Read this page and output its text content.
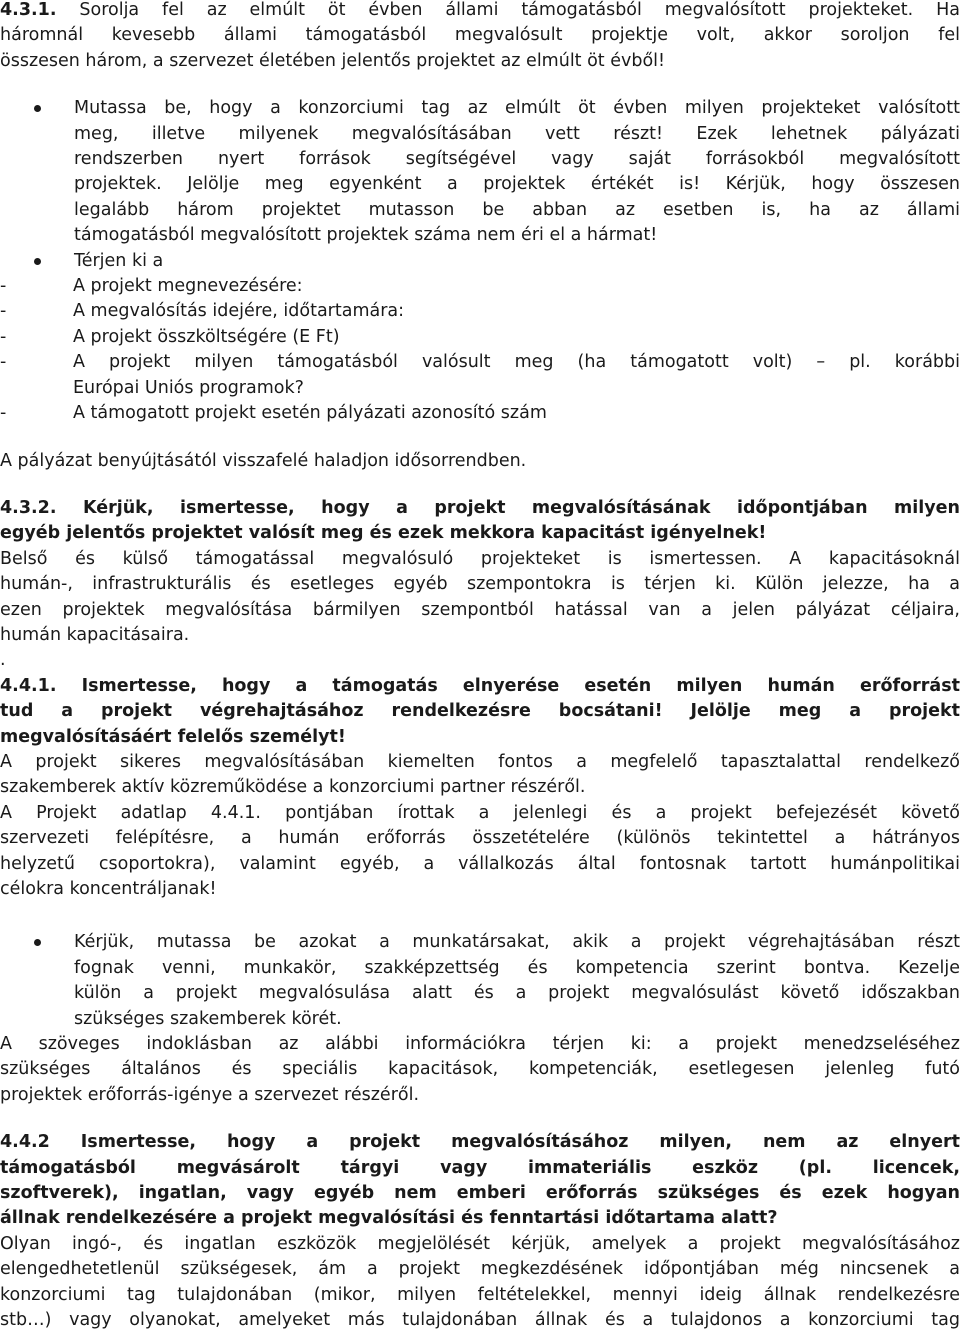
4.3.1. Sorolja fel az elmúlt öt évben állami támogatásból megvalósított projekteket. Ha

háromnál kevesebb állami támogatásból megvalósult projektje volt, akkor soroljon fel

összesen három, a szervezet életében jelentős projektet az elmúlt öt évből!

Mutassa be, hogy a konzorciumi tag az elmúlt öt évben milyen projekteket valósított

meg, illetve milyenek megvalósításában vett részt! Ezek lehetnek pályázati

rendszerben nyert források segítségével vagy saját forrásokból megvalósított

projektek. Jelölje meg egyenként a projektek értékét is! Kérjük, hogy összesen

legalább három projektet mutasson be abban az esetben is, ha az állami

támogatásból megvalósított projektek száma nem éri el a hármat!

Térjen ki a

-	A projekt megnevezésére:

-	A megvalósítás idejére, időtartamára:

-	A projekt összköltségére (E Ft)

-	A projekt milyen támogatásból valósult meg (ha támogatott volt) – pl. korábbi

Európai Uniós programok?

-	A támogatott projekt esetén pályázati azonosító szám

A pályázat benyújtásától visszafelé haladjon idősorrendben.

4.3.2. Kérjük, ismertesse, hogy a projekt megvalósításának időpontjában milyen

egyéb jelentős projektet valósít meg és ezek mekkora kapacitást igényelnek!

Belső és külső támogatással megvalósuló projekteket is ismertessen. A kapacitásoknál

humán-, infrastrukturális és esetleges egyéb szempontokra is térjen ki. Külön jelezze, ha a

ezen projektek megvalósítása bármilyen szempontból hatással van a jelen pályázat céljaira,

humán kapacitásaira.

.

4.4.1. Ismertesse, hogy a támogatás elnyerése esetén milyen humán erőforrást

tud a projekt végrehajtásához rendelkezésre bocsátani! Jelölje meg a projekt

megvalósításáért felelős személyt!

A projekt sikeres megvalósításában kiemelten fontos a megfelelő tapasztalattal rendelkező

szakemberek aktív közreműködése a konzorciumi partner részéről.

A Projekt adatlap 4.4.1. pontjában írottak a jelenlegi és a projekt befejezését követő

szervezeti felépítésre, a humán erőforrás összetételére (különös tekintettel a hátrányos

helyzetű csoportokra), valamint egyéb, a vállalkozás által fontosnak tartott humánpolitikai

célokra koncentráljanak!

Kérjük, mutassa be azokat a munkatársakat, akik a projekt végrehajtásában részt

fognak venni, munkakör, szakképzettség és kompetencia szerint bontva. Kezelje

külön a projekt megvalósulása alatt és a projekt megvalósulást követő időszakban

szükséges szakemberek körét.

A szöveges indoklásban az alábbi információkra térjen ki: a projekt menedzseléséhez

szükséges általános és speciális kapacitások, kompetenciák, esetlegesen jelenleg futó

projektek erőforrás-igénye a szervezet részéről.

4.4.2 Ismertesse, hogy a projekt megvalósításához milyen, nem az elnyert

támogatásból megvásárolt tárgyi vagy immateriális eszköz (pl. licencek,

szoftverek), ingatlan, vagy egyéb nem emberi erőforrás szükséges és ezek hogyan

állnak rendelkezésére a projekt megvalósítási és fenntartási időtartama alatt?

Olyan ingó-, és ingatlan eszközök megjelölését kérjük, amelyek a projekt megvalósításához

elengedhetetlenül szükségesek, ám a projekt megkezdésének időpontjában még nincsenek a

konzorciumi tag tulajdonában (mikor, milyen feltételekkel, mennyi ideig állnak rendelkezésre

stb…) vagy olyanokat, amelyeket más tulajdonában állnak és a tulajdonos a konzorciumi tag
